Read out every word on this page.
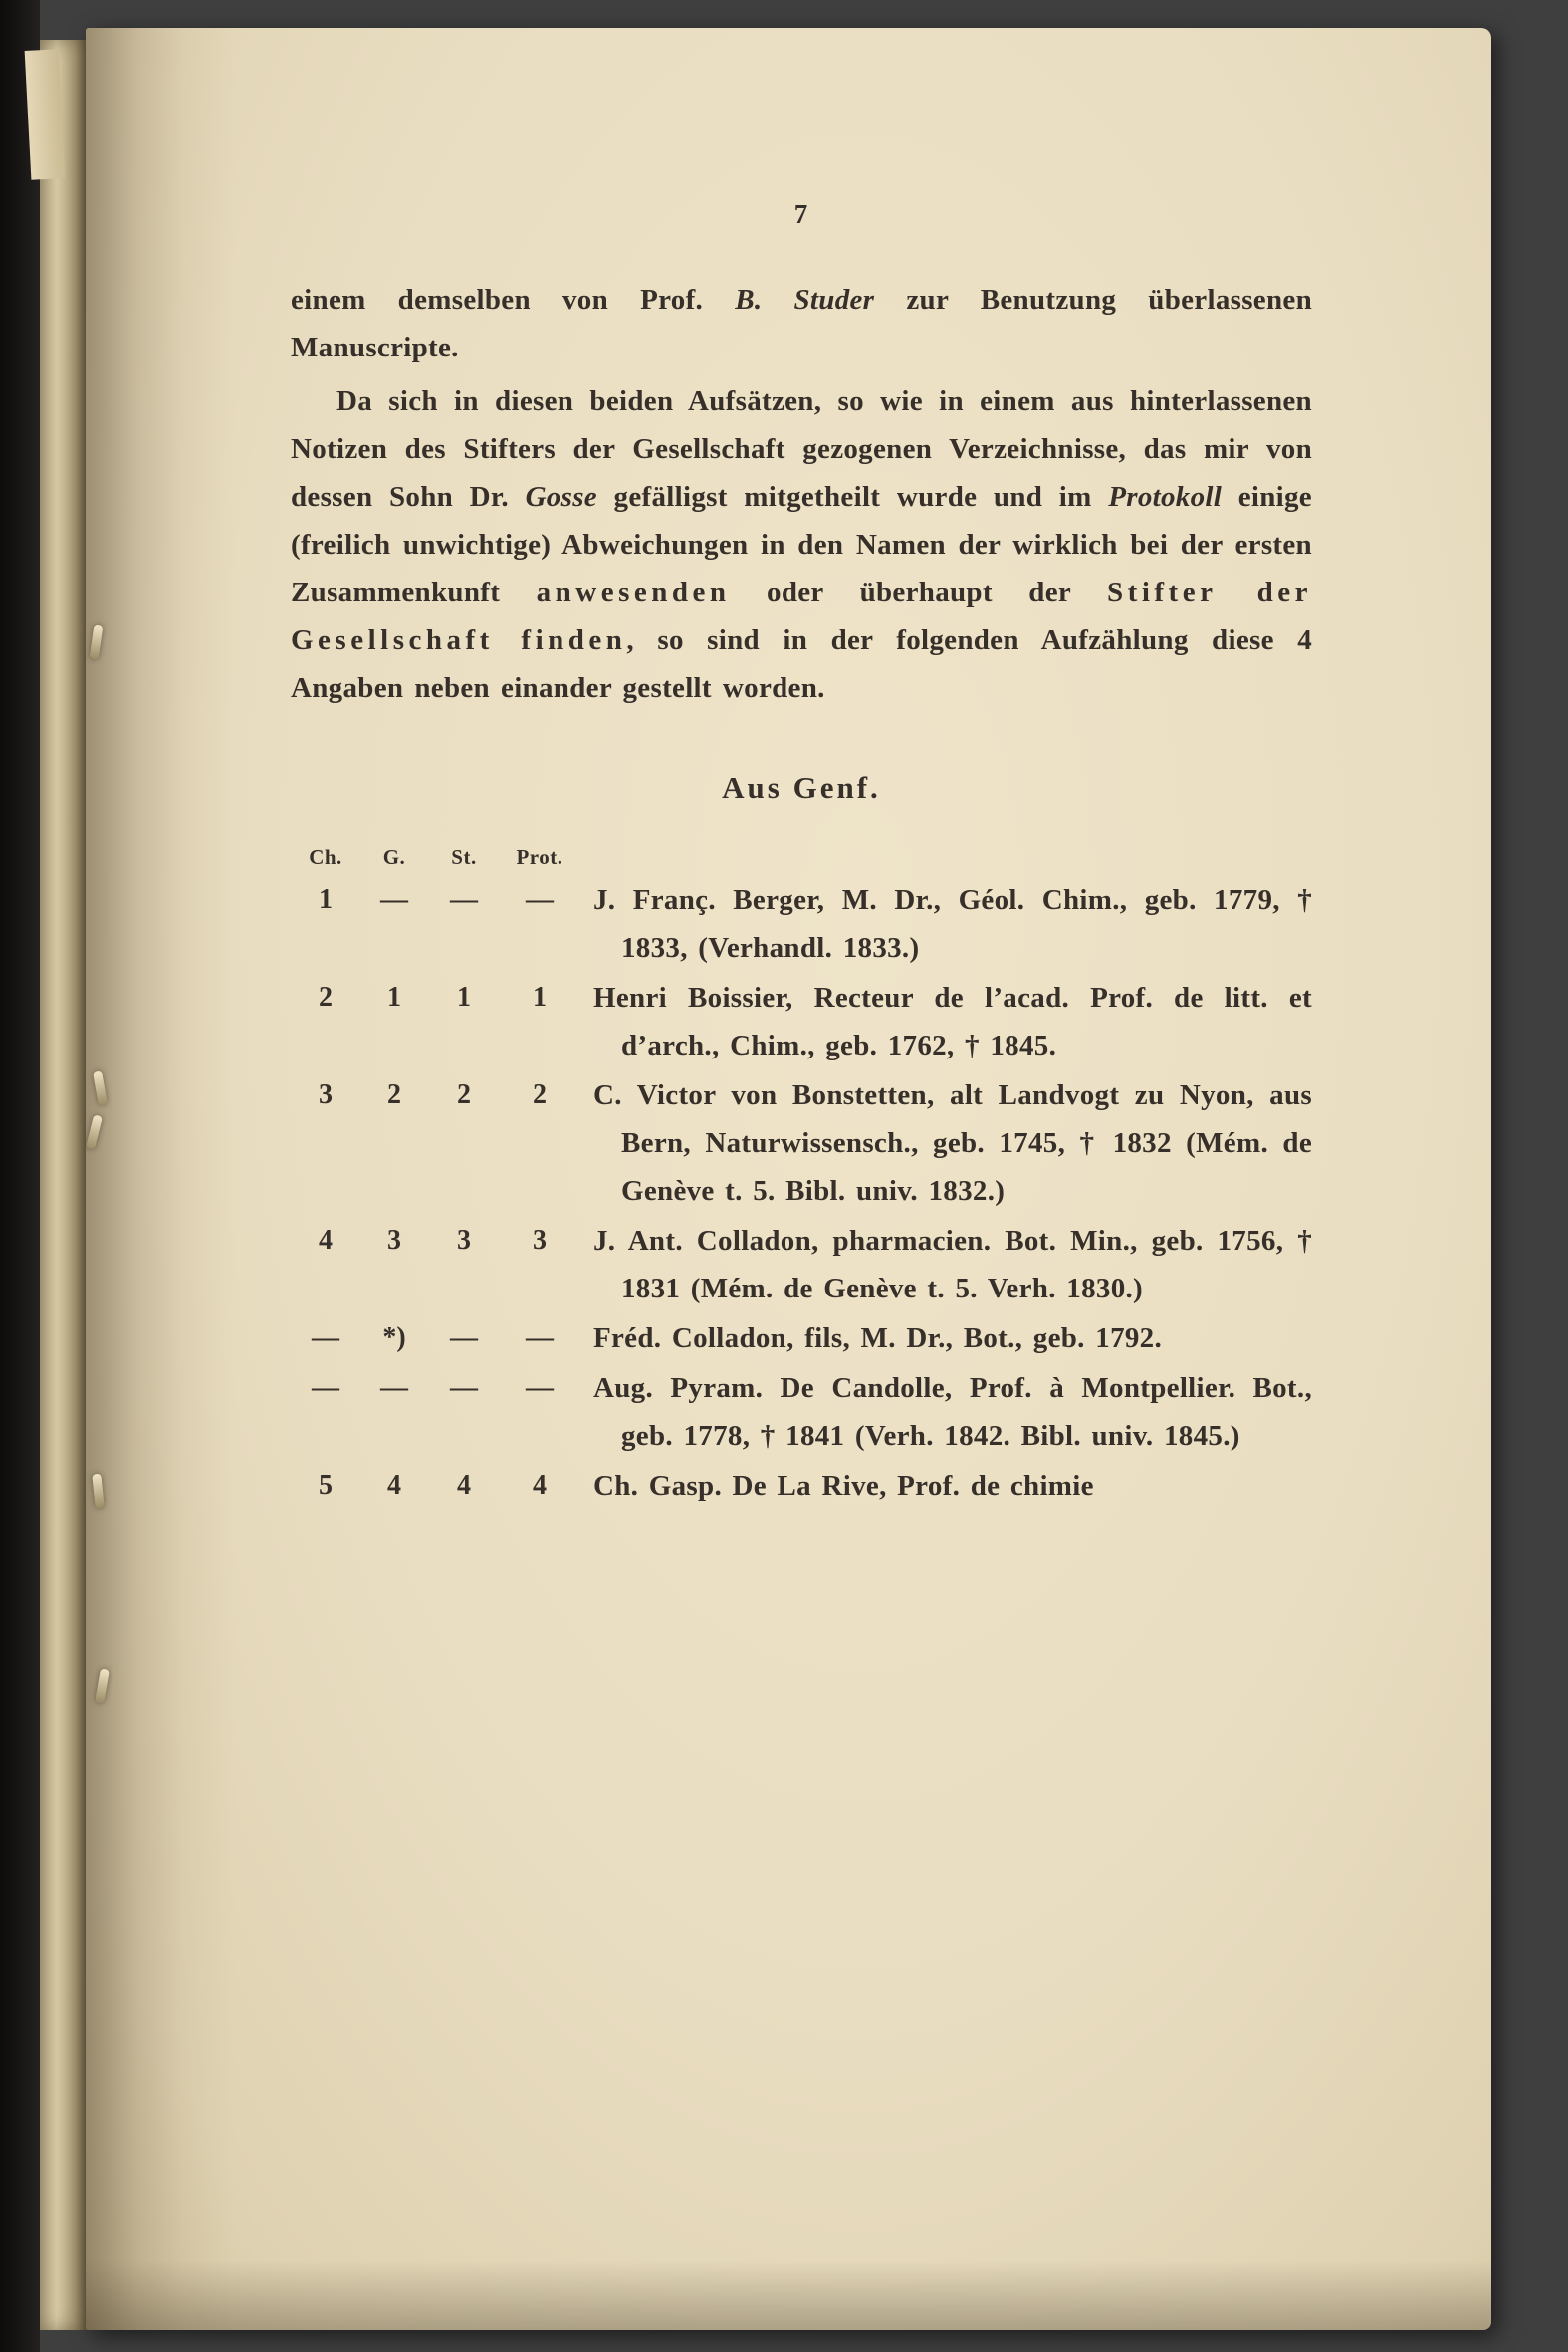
7

einem demselben von Prof. B. Studer zur Benutzung überlassenen Manuscripte.

Da sich in diesen beiden Aufsätzen, so wie in einem aus hinterlassenen Notizen des Stifters der Gesellschaft gezogenen Verzeichnisse, das mir von dessen Sohn Dr. Gosse gefälligst mitgetheilt wurde und im Protokoll einige (freilich unwichtige) Abweichungen in den Namen der wirklich bei der ersten Zusammenkunft anwesenden oder überhaupt der Stifter der Gesellschaft finden, so sind in der folgenden Aufzählung diese 4 Angaben neben einander gestellt worden.

Aus Genf.
Ch.	G.	St.	Prot.
1	—	—	—	J. Franç. Berger, M. Dr., Géol. Chim., geb. 1779, † 1833, (Verhandl. 1833.)
2	1	1	1	Henri Boissier, Recteur de l’acad. Prof. de litt. et d’arch., Chim., geb. 1762, † 1845.
3	2	2	2	C. Victor von Bonstetten, alt Landvogt zu Nyon, aus Bern, Naturwissensch., geb. 1745, † 1832 (Mém. de Genève t. 5. Bibl. univ. 1832.)
4	3	3	3	J. Ant. Colladon, pharmacien. Bot. Min., geb. 1756, † 1831 (Mém. de Genève t. 5. Verh. 1830.)
—	*)	—	—	Fréd. Colladon, fils, M. Dr., Bot., geb. 1792.
—	—	—	—	Aug. Pyram. De Candolle, Prof. à Montpellier. Bot., geb. 1778, † 1841 (Verh. 1842. Bibl. univ. 1845.)
5	4	4	4	Ch. Gasp. De La Rive, Prof. de chimie
